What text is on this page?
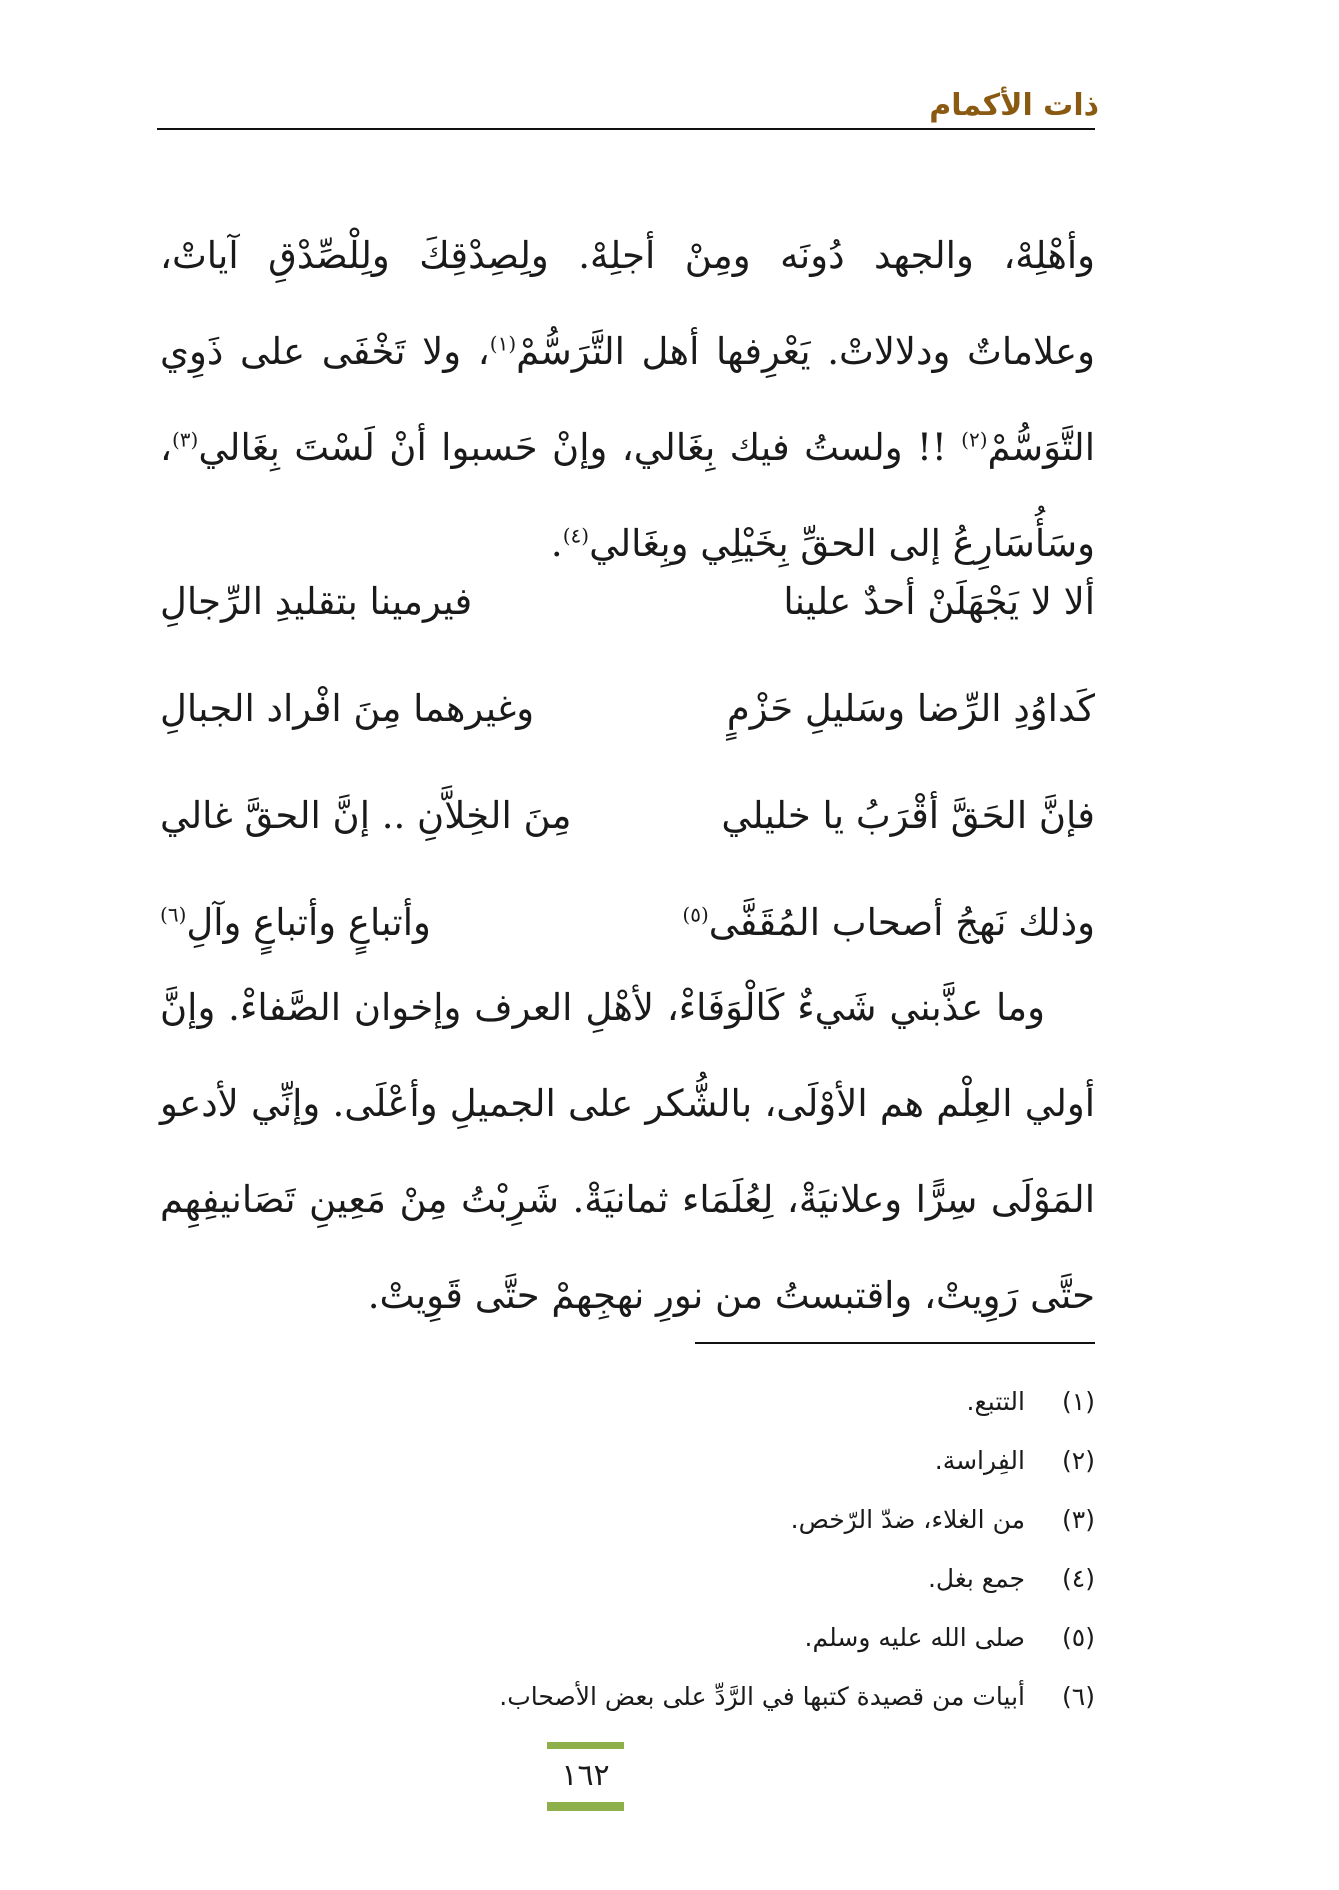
ذات الأكمام

وأهْلِهْ، والجهد دُونَه ومِنْ أجلِهْ. ولِصِدْقِكَ ولِلْصِّدْقِ آياتْ، وعلاماتٌ ودلالاتْ. يَعْرِفها أهل التَّرَسُّمْ$^{(١)}$، ولا تَخْفَى على ذَوِي التَّوَسُّمْ$^{(٢)}$ !! ولستُ فيك بِغَالي، وإنْ حَسبوا أنْ لَسْتَ بِغَالي$^{(٣)}$، وسَأُسَارِعُ إلى الحقِّ بِخَيْلِي وبِغَالي$^{(٤)}$.

ألا لا يَجْهَلَنْ أحدٌ علينا
فيرمينا بتقليدِ الرِّجالِ
كَداوُدِ الرِّضا وسَليلِ حَزْمٍ
وغيرهما مِنَ افْراد الجبالِ
فإنَّ الحَقَّ أقْرَبُ يا خليلي
مِنَ الخِلاَّنِ .. إنَّ الحقَّ غالي
وذلك نَهجُ أصحاب المُقَفَّى$^{(٥)}$
وأتباعٍ وأتباعٍ وآلِ$^{(٦)}$

وما عذَّبني شَيءٌ كَالْوَفَاءْ، لأهْلِ العرف وإخوان الصَّفاءْ. وإنَّ أولي العِلْم هم الأوْلَى، بالشُّكر على الجميلِ وأعْلَى. وإنِّي لأدعو المَوْلَى سِرًّا وعلانيَةْ، لِعُلَمَاء ثمانيَةْ. شَرِبْتُ مِنْ مَعِينِ تَصَانيفِهِم حتَّى رَوِيتْ، واقتبستُ من نورِ نهجِهمْ حتَّى قَوِيتْ.

(١)
التتبع.
(٢)
الفِراسة.
(٣)
من الغلاء، ضدّ الرّخص.
(٤)
جمع بغل.
(٥)
صلى الله عليه وسلم.
(٦)
أبيات من قصيدة كتبها في الرَّدِّ على بعض الأصحاب.
١٦٢
